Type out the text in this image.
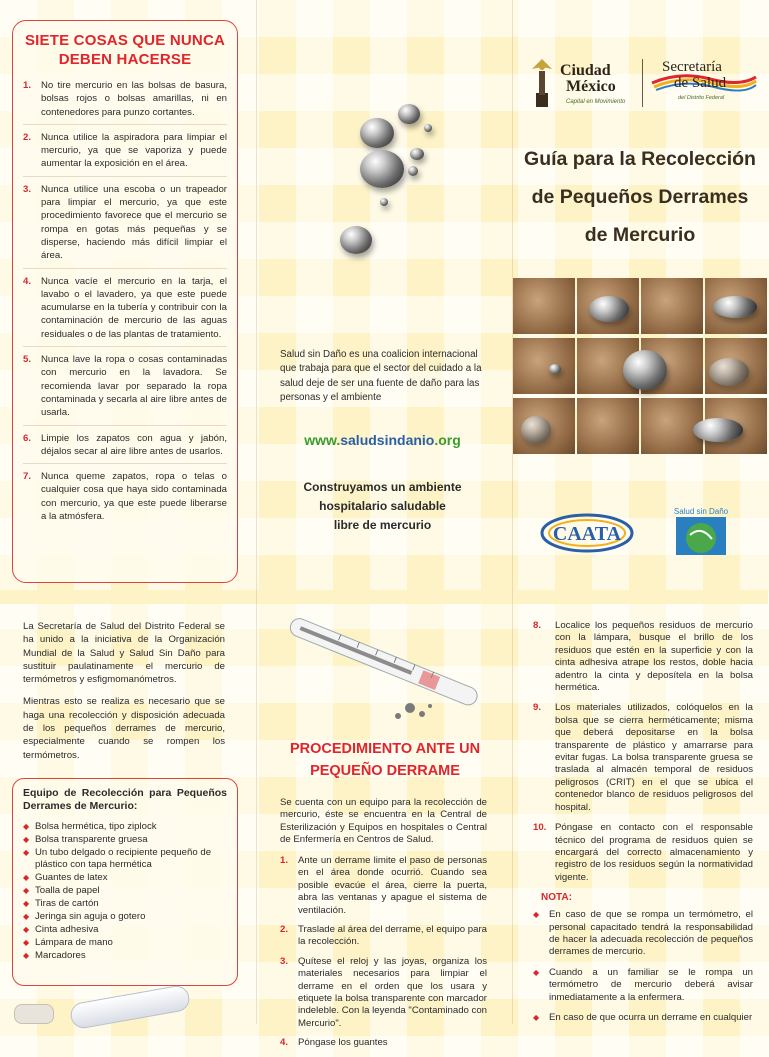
SIETE COSAS QUE NUNCA DEBEN HACERSE
1.	No tire mercurio en las bolsas de basura, bolsas rojos o bolsas amarillas, ni en contenedores para punzo cortantes.
2.	Nunca utilice la aspiradora para limpiar el mercurio, ya que se vaporiza y puede aumentar la exposición en el área.
3.	Nunca utilice una escoba o un trapeador para limpiar el mercurio, ya que este procedimiento favorece que el mercurio se rompa en gotas más pequeñas y se disperse, haciendo más difícil limpiar el área.
4.	Nunca vacíe el mercurio en la tarja, el lavabo o el lavadero, ya que este puede acumularse en la tubería y contribuir con la contaminación de mercurio de las aguas residuales o de las plantas de tratamiento.
5.	Nunca lave la ropa o cosas contaminadas con mercurio en la lavadora. Se recomienda lavar por separado la ropa contaminada y secarla al aire libre antes de usarla.
6.	Limpie los zapatos con agua y jabón, déjalos secar al aire libre antes de usarlos.
7.	Nunca queme zapatos, ropa o telas o cualquier cosa que haya sido contaminada con mercurio, ya que este puede liberarse a la atmósfera.
Salud sin Daño es una coalicion internacional que trabaja para que el sector del cuidado a la salud deje de ser una fuente de daño para las personas y el ambiente
www.saludsindanio.org
Construyamos un ambiente
hospitalario saludable
libre de mercurio
Ciudad
México
Capital en Movimiento
Secretaría
de Salud
del Distrito Federal
Guía para la Recolección
de Pequeños Derrames
de Mercurio
CAATA
Salud sin Daño

La Secretaría de Salud del Distrito Federal se ha unido a la iniciativa de la Organización Mundial de la Salud y Salud Sin Daño para sustituir paulatinamente el mercurio de termómetros y esfigmomanómetros.

Mientras esto se realiza es necesario que se haga una recolección y disposición adecuada de los pequeños derrames de mercurio, especialmente cuando se rompen los termómetros.

Equipo de Recolección para Pequeños Derrames de Mercurio:
◆ Bolsa hermética, tipo ziplock
◆ Bolsa transparente gruesa
◆ Un tubo delgado o recipiente pequeño de plástico con tapa hermética
◆ Guantes de latex
◆ Toalla de papel
◆ Tiras de cartón
◆ Jeringa sin aguja o gotero
◆ Cinta adhesiva
◆ Lámpara de mano
◆ Marcadores
PROCEDIMIENTO ANTE UN
PEQUEÑO DERRAME
Se cuenta con un equipo para la recolección de mercurio, éste se encuentra en la Central de Esterilización y Equipos en hospitales o Central de Enfermería en Centros de Salud.
1.	Ante un derrame limite el paso de personas en el área donde ocurrió. Cuando sea posible evacúe el área, cierre la puerta, abra las ventanas y apague el sistema de ventilación.
2.	Traslade al área del derrame, el equipo para la recolección.
3.	Quítese el reloj y las joyas, organiza los materiales necesarios para limpiar el derrame en el orden que los usara y etiquete la bolsa transparente con marcador indeleble. Con la leyenda "Contaminado con Mercurio".
4.	Póngase los guantes
8.	Localice los pequeños residuos de mercurio con la lámpara, busque el brillo de los residuos que estén en la superficie y con la cinta adhesiva atrape los restos, doble hacia adentro la cinta y deposítela en la bolsa hermética.
9.	Los materiales utilizados, colóquelos en la bolsa que se cierra herméticamente; misma que deberá depositarse en la bolsa transparente de plástico y amarrarse para evitar fugas. La bolsa transparente gruesa se traslada al almacén temporal de residuos peligrosos (CRIT) en el que se ubica el contenedor blanco de residuos peligrosos del hospital.
10. Póngase en contacto con el responsable técnico del programa de residuos quien se encargará del correcto almacenamiento y registro de los residuos según la normatividad vigente.
NOTA:
◆	En caso de que se rompa un termómetro, el personal capacitado tendrá la responsabilidad de hacer la adecuada recolección de pequeños derrames de mercurio.
◆	Cuando a un familiar se le rompa un termómetro de mercurio deberá avisar inmediatamente a la enfermera.
◆	En caso de que ocurra un derrame en cualquier
